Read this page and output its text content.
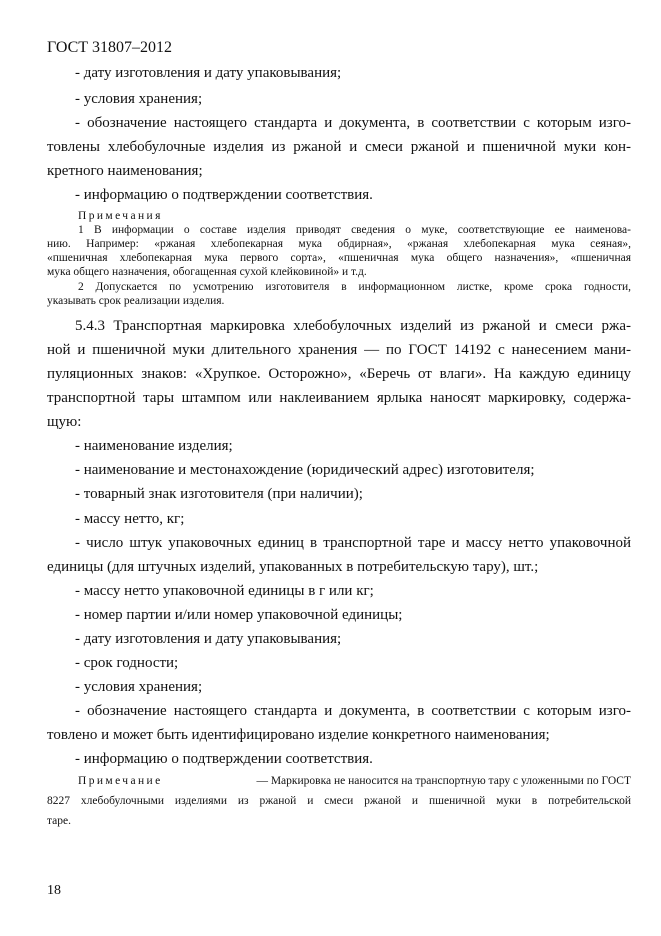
ГОСТ 31807–2012
- дату изготовления и дату упаковывания;
- условия хранения;
- обозначение настоящего стандарта и документа, в соответствии с которым изго-
товлены хлебобулочные изделия из ржаной и смеси ржаной и пшеничной муки кон-
кретного наименования;
- информацию о подтверждении соответствия.
Примечания
1 В информации о составе изделия приводят сведения о муке, соответствующие ее наименова-
нию. Например: «ржаная хлебопекарная мука обдирная», «ржаная хлебопекарная мука сеяная»,
«пшеничная хлебопекарная мука первого сорта», «пшеничная мука общего назначения», «пшеничная
мука общего назначения, обогащенная сухой клейковиной» и т.д.
2 Допускается по усмотрению изготовителя в информационном листке, кроме срока годности,
указывать срок реализации изделия.
5.4.3 Транспортная маркировка хлебобулочных изделий из ржаной и смеси ржа-
ной и пшеничной муки длительного хранения — по ГОСТ 14192 с нанесением мани-
пуляционных знаков: «Хрупкое. Осторожно», «Беречь от влаги». На каждую единицу
транспортной тары штампом или наклеиванием ярлыка наносят маркировку, содержа-
щую:
- наименование изделия;
- наименование и местонахождение (юридический адрес) изготовителя;
- товарный знак изготовителя (при наличии);
- массу нетто, кг;
- число штук упаковочных единиц в транспортной таре и массу нетто упаковочной
единицы (для штучных изделий, упакованных в потребительскую тару), шт.;
- массу нетто упаковочной единицы в г или кг;
- номер партии и/или номер упаковочной единицы;
- дату изготовления и дату упаковывания;
- срок годности;
- условия хранения;
- обозначение настоящего стандарта и документа, в соответствии с которым изго-
товлено и может быть идентифицировано изделие конкретного наименования;
- информацию о подтверждении соответствия.
Примечание	— Маркировка не наносится на транспортную тару с уложенными по ГОСТ
8227 хлебобулочными изделиями из ржаной и смеси ржаной и пшеничной муки в потребительской
таре.
18
